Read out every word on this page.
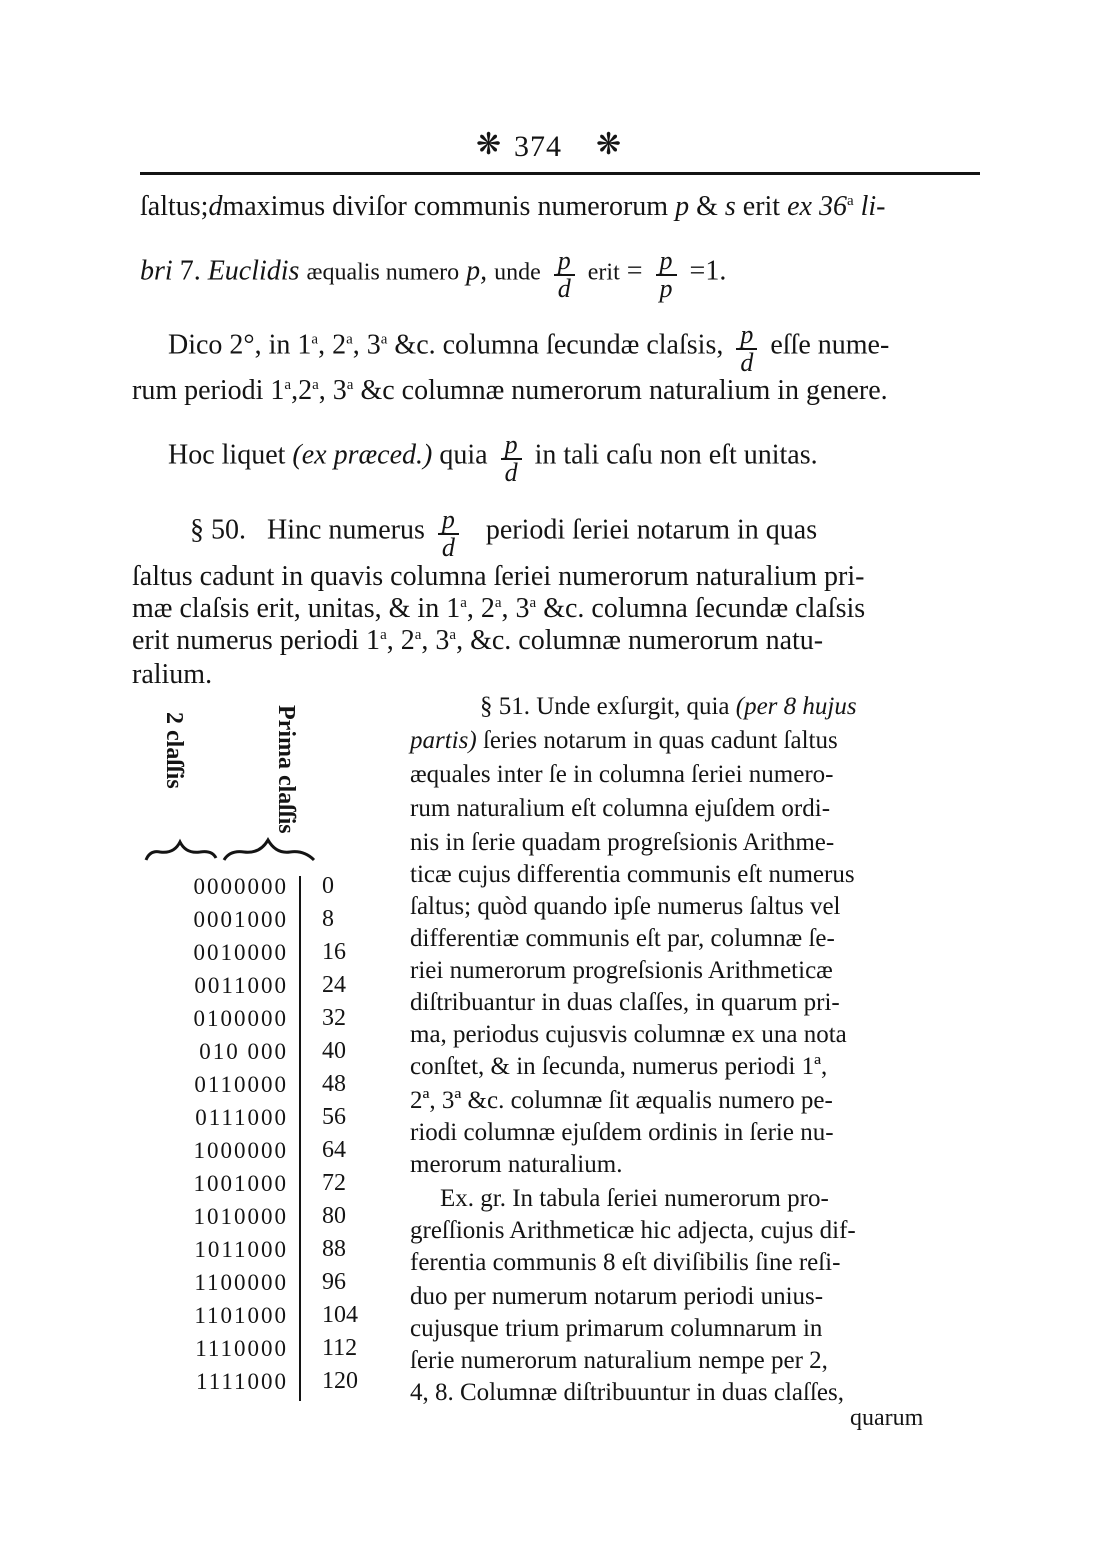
❋ 374 ❋
ſaltus;dmaximus diviſor communis numerorum p & s erit ex 36$^a$ li-
bri 7. Euclidis æqualis numero p, unde $\frac{p}{d}$ erit = $\frac{p}{p} =1$.
Dico 2°, in 1$^a$, 2$^a$, 3$^a$ &c. columna ſecundæ claſsis, $\frac{p}{d}$ eſſe nume-
rum periodi 1$^a$,2$^a$, 3$^a$ &c columnæ numerorum naturalium in genere.
Hoc liquet (ex præced.) quia $\frac{p}{d}$ in tali caſu non eſt unitas.
§ 50. Hinc numerus $\frac{p}{d}$ periodi ſeriei notarum in quas
ſaltus cadunt in quavis columna ſeriei numerorum naturalium pri-
mæ claſsis erit, unitas, & in 1$^a$, 2$^a$, 3$^a$ &c. columna ſecundæ claſsis
erit numerus periodi 1$^a$, 2$^a$, 3$^a$, &c. columnæ numerorum natu-
ralium.
2 claſſis	Prima claſſis
0000000 0
0001000 8
0010000 16
0011000 24
0100000 32
010 000 40
0110000 48
0111000 56
1000000 64
1001000 72
1010000 80
1011000 88
1100000 96
1101000 104
1110000 112
1111000 120
§ 51. Unde exſurgit, quia (per 8 hujus
partis) ſeries notarum in quas cadunt ſaltus
æquales inter ſe in columna ſeriei numero-
rum naturalium eſt columna ejuſdem ordi-
nis in ſerie quadam progreſsionis Arithme-
ticæ cujus differentia communis eſt numerus
ſaltus; quòd quando ipſe numerus ſaltus vel
differentiæ communis eſt par, columnæ ſe-
riei numerorum progreſsionis Arithmeticæ
diſtribuantur in duas claſſes, in quarum pri-
ma, periodus cujusvis columnæ ex una nota
conſtet, & in ſecunda, numerus periodi 1ª,
2ª, 3ª &c. columnæ ſit æqualis numero pe-
riodi columnæ ejuſdem ordinis in ſerie nu-
merorum naturalium.
Ex. gr. In tabula ſeriei numerorum pro-
greſſionis Arithmeticæ hic adjecta, cujus dif-
ferentia communis 8 eſt diviſibilis ſine reſi-
duo per numerum notarum periodi unius-
cujusque trium primarum columnarum in
ſerie numerorum naturalium nempe per 2,
4, 8. Columnæ diſtribuuntur in duas claſſes,
quarum
